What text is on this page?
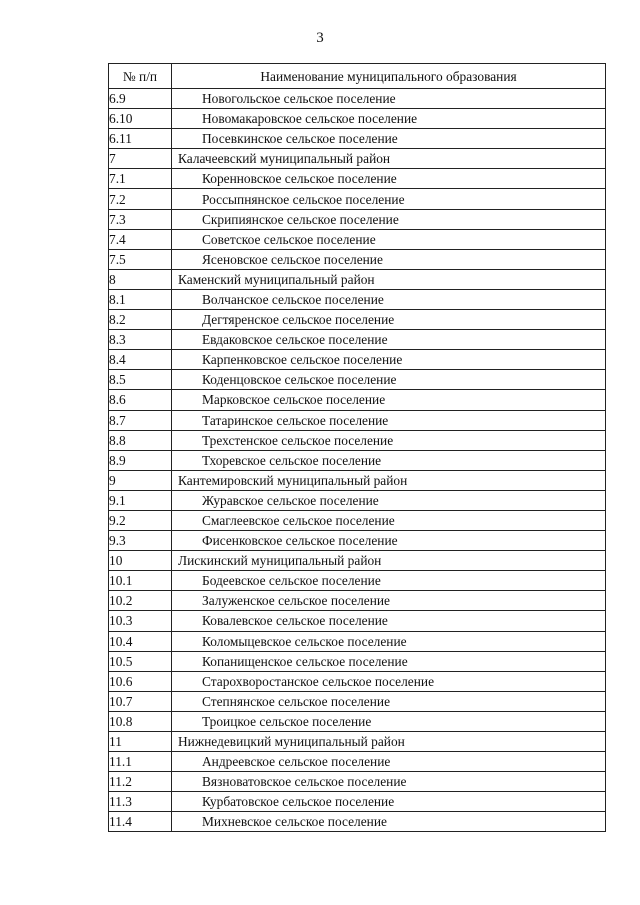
3
№ п/п	Наименование муниципального образования
6.9	Новогольское сельское поселение
6.10	Новомакаровское сельское поселение
6.11	Посевкинское сельское поселение
7	Калачеевский муниципальный район
7.1	Коренновское сельское поселение
7.2	Россыпнянское сельское поселение
7.3	Скрипиянское сельское поселение
7.4	Советское сельское поселение
7.5	Ясеновское сельское поселение
8	Каменский муниципальный район
8.1	Волчанское сельское поселение
8.2	Дегтяренское сельское поселение
8.3	Евдаковское сельское поселение
8.4	Карпенковское сельское поселение
8.5	Коденцовское сельское поселение
8.6	Марковское сельское поселение
8.7	Татаринское сельское поселение
8.8	Трехстенское сельское поселение
8.9	Тхоревское сельское поселение
9	Кантемировский муниципальный район
9.1	Журавское сельское поселение
9.2	Смаглеевское сельское поселение
9.3	Фисенковское сельское поселение
10	Лискинский муниципальный район
10.1	Бодеевское сельское поселение
10.2	Залуженское сельское поселение
10.3	Ковалевское сельское поселение
10.4	Коломыцевское сельское поселение
10.5	Копанищенское сельское поселение
10.6	Старохворостанское сельское поселение
10.7	Степнянское сельское поселение
10.8	Троицкое сельское поселение
11	Нижнедевицкий муниципальный район
11.1	Андреевское сельское поселение
11.2	Вязноватовское сельское поселение
11.3	Курбатовское сельское поселение
11.4	Михневское сельское поселение
